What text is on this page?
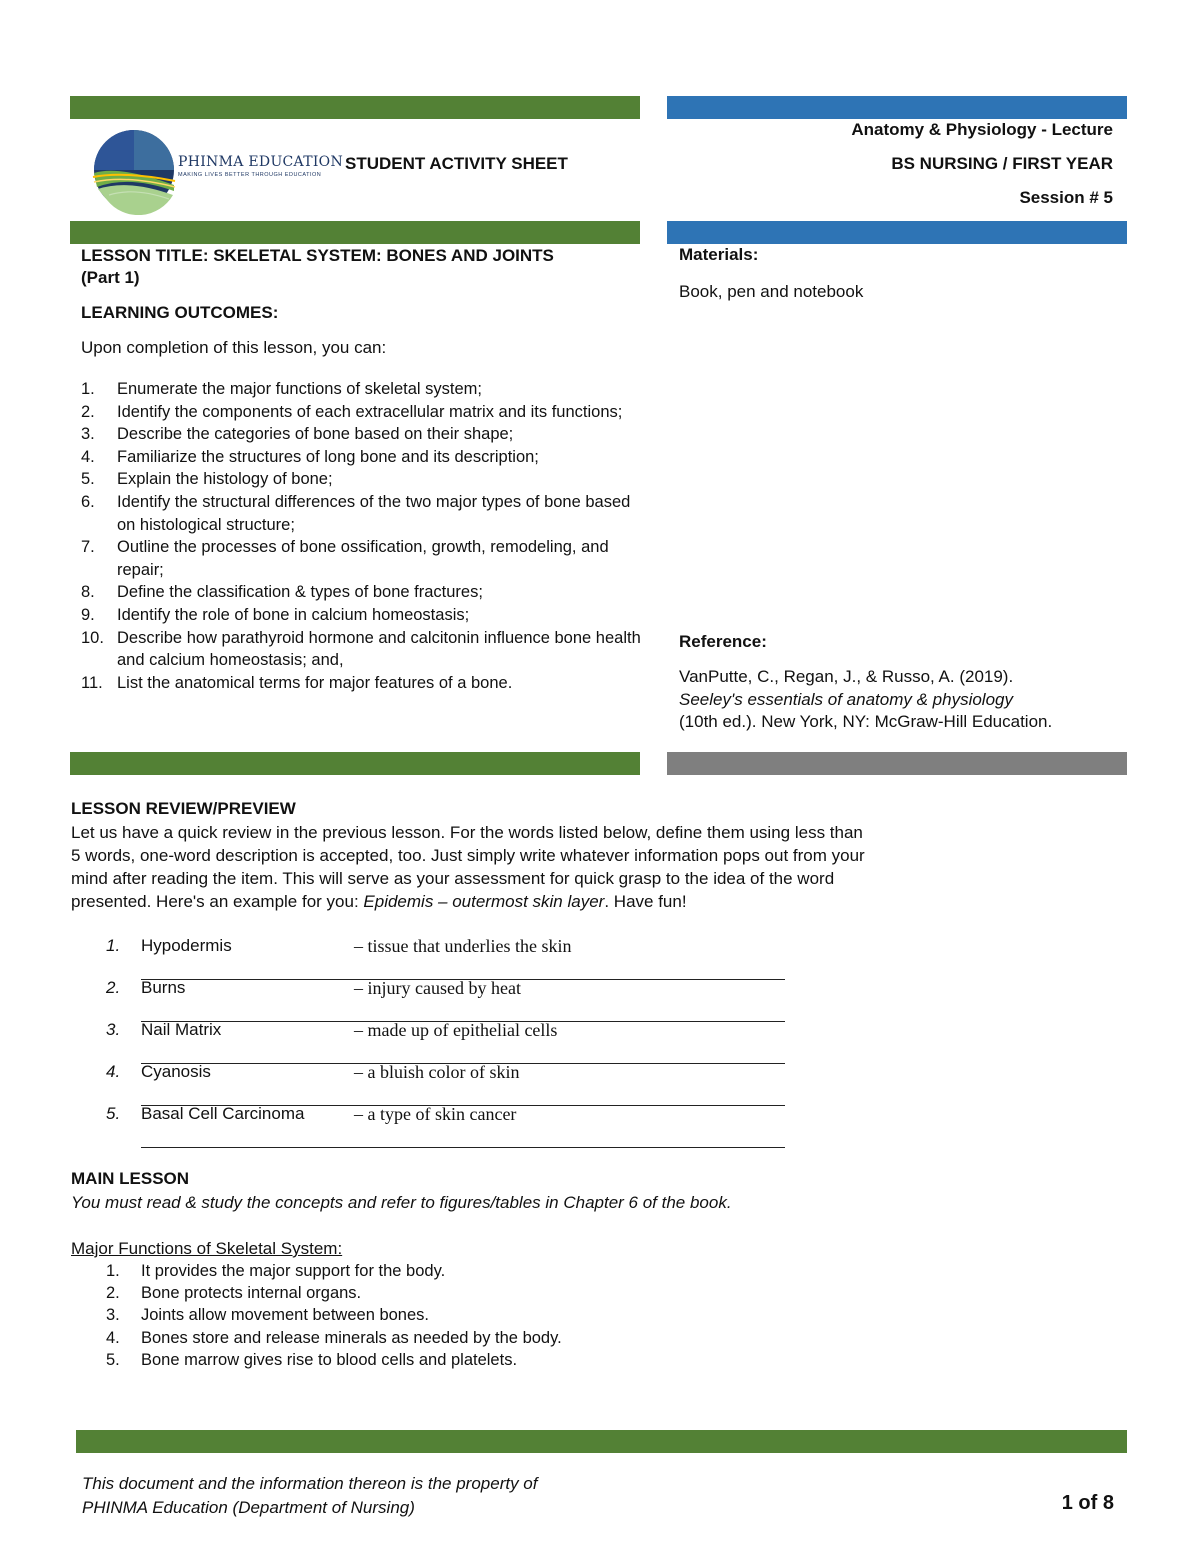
PHINMA EDUCATION
MAKING LIVES BETTER THROUGH EDUCATION
STUDENT ACTIVITY SHEET
Anatomy & Physiology - Lecture
BS NURSING / FIRST YEAR
Session # 5
LESSON TITLE: SKELETAL SYSTEM: BONES AND JOINTS
(Part 1)
LEARNING OUTCOMES:
Upon completion of this lesson, you can:
1. Enumerate the major functions of skeletal system;
2. Identify the components of each extracellular matrix and its functions;
3. Describe the categories of bone based on their shape;
4. Familiarize the structures of long bone and its description;
5. Explain the histology of bone;
6. Identify the structural differences of the two major types of bone based on histological structure;
7. Outline the processes of bone ossification, growth, remodeling, and repair;
8. Define the classification & types of bone fractures;
9. Identify the role of bone in calcium homeostasis;
10. Describe how parathyroid hormone and calcitonin influence bone health and calcium homeostasis; and,
11. List the anatomical terms for major features of a bone.
Materials:
Book, pen and notebook
Reference:
VanPutte, C., Regan, J., & Russo, A. (2019).
Seeley's essentials of anatomy & physiology
(10th ed.). New York, NY: McGraw-Hill Education.
LESSON REVIEW/PREVIEW
Let us have a quick review in the previous lesson. For the words listed below, define them using less than
5 words, one-word description is accepted, too. Just simply write whatever information pops out from your
mind after reading the item. This will serve as your assessment for quick grasp to the idea of the word
presented. Here's an example for you: Epidemis – outermost skin layer. Have fun!
1. Hypodermis	– tissue that underlies the skin
2. Burns	– injury caused by heat
3. Nail Matrix	– made up of epithelial cells
4. Cyanosis	– a bluish color of skin
5. Basal Cell Carcinoma	– a type of skin cancer
MAIN LESSON
You must read & study the concepts and refer to figures/tables in Chapter 6 of the book.
Major Functions of Skeletal System:
1. It provides the major support for the body.
2. Bone protects internal organs.
3. Joints allow movement between bones.
4. Bones store and release minerals as needed by the body.
5. Bone marrow gives rise to blood cells and platelets.
This document and the information thereon is the property of
PHINMA Education (Department of Nursing)	1 of 8
